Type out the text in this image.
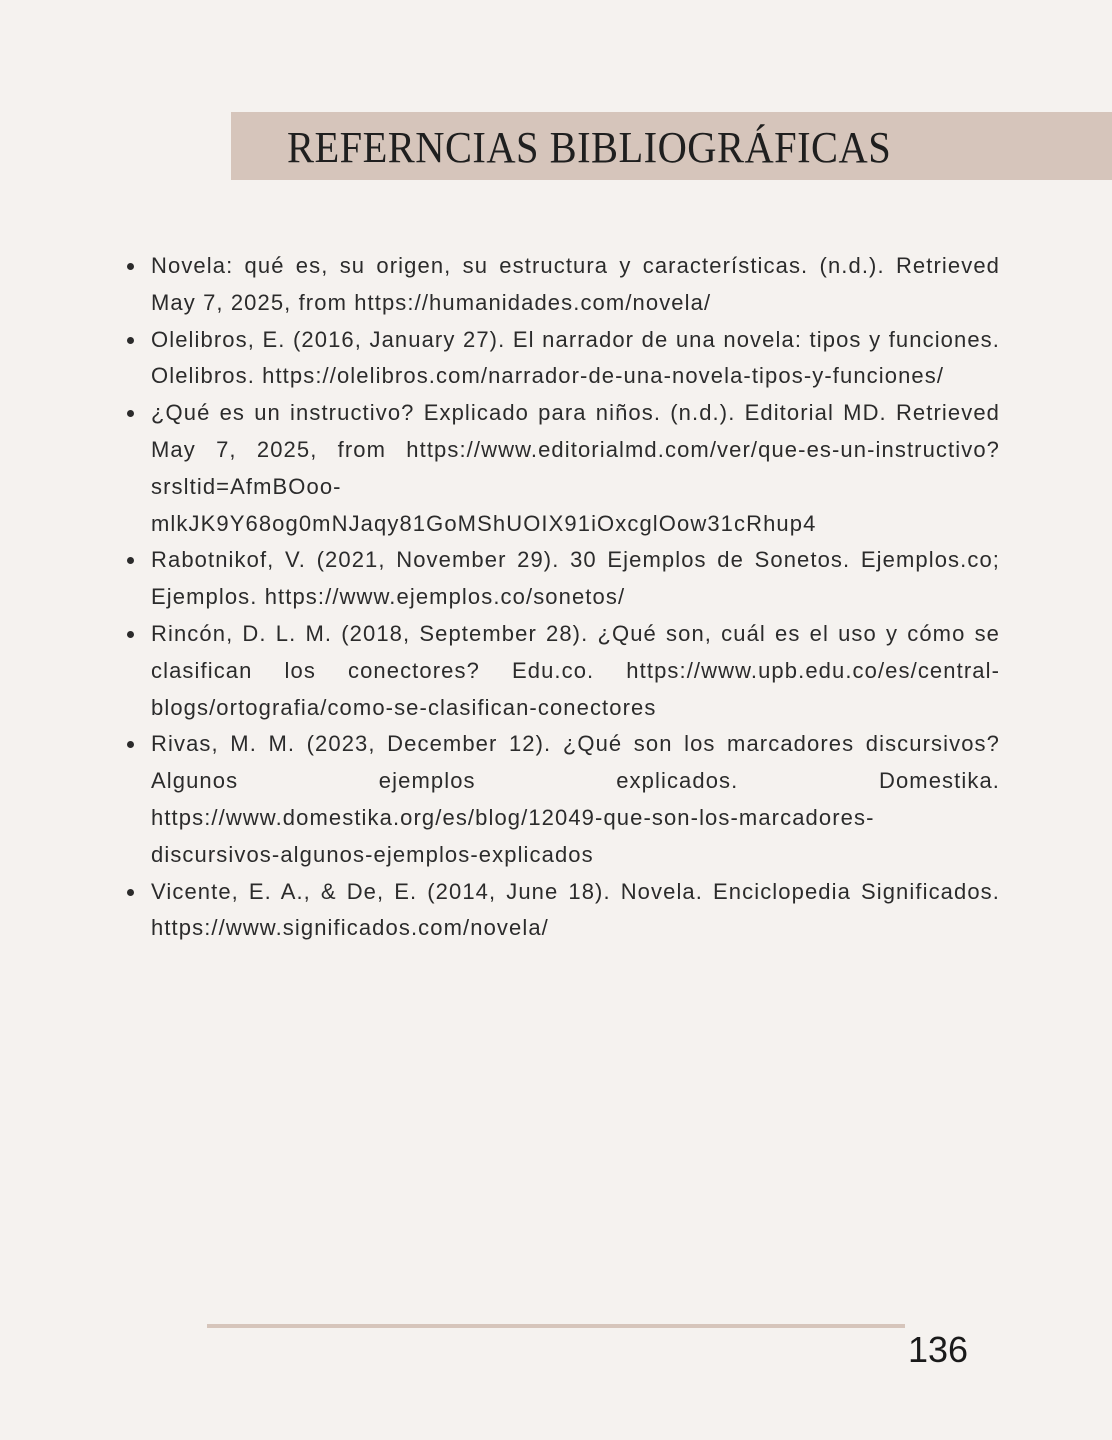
REFERNCIAS BIBLIOGRÁFICAS
Novela: qué es, su origen, su estructura y características. (n.d.). Retrieved May 7, 2025, from https://humanidades.com/novela/
Olelibros, E. (2016, January 27). El narrador de una novela: tipos y funciones. Olelibros. https://olelibros.com/narrador-de-una-novela-tipos-y-funciones/
¿Qué es un instructivo? Explicado para niños. (n.d.). Editorial MD. Retrieved May 7, 2025, from https://www.editorialmd.com/ver/que-es-un-instructivo?srsltid=AfmBOoo-mlkJK9Y68og0mNJaqy81GoMShUOIX91iOxcglOow31cRhup4
Rabotnikof, V. (2021, November 29). 30 Ejemplos de Sonetos. Ejemplos.co; Ejemplos. https://www.ejemplos.co/sonetos/
Rincón, D. L. M. (2018, September 28). ¿Qué son, cuál es el uso y cómo se clasifican los conectores? Edu.co. https://www.upb.edu.co/es/central-blogs/ortografia/como-se-clasifican-conectores
Rivas, M. M. (2023, December 12). ¿Qué son los marcadores discursivos? Algunos ejemplos explicados. Domestika. https://www.domestika.org/es/blog/12049-que-son-los-marcadores-discursivos-algunos-ejemplos-explicados
Vicente, E. A., & De, E. (2014, June 18). Novela. Enciclopedia Significados. https://www.significados.com/novela/
136
